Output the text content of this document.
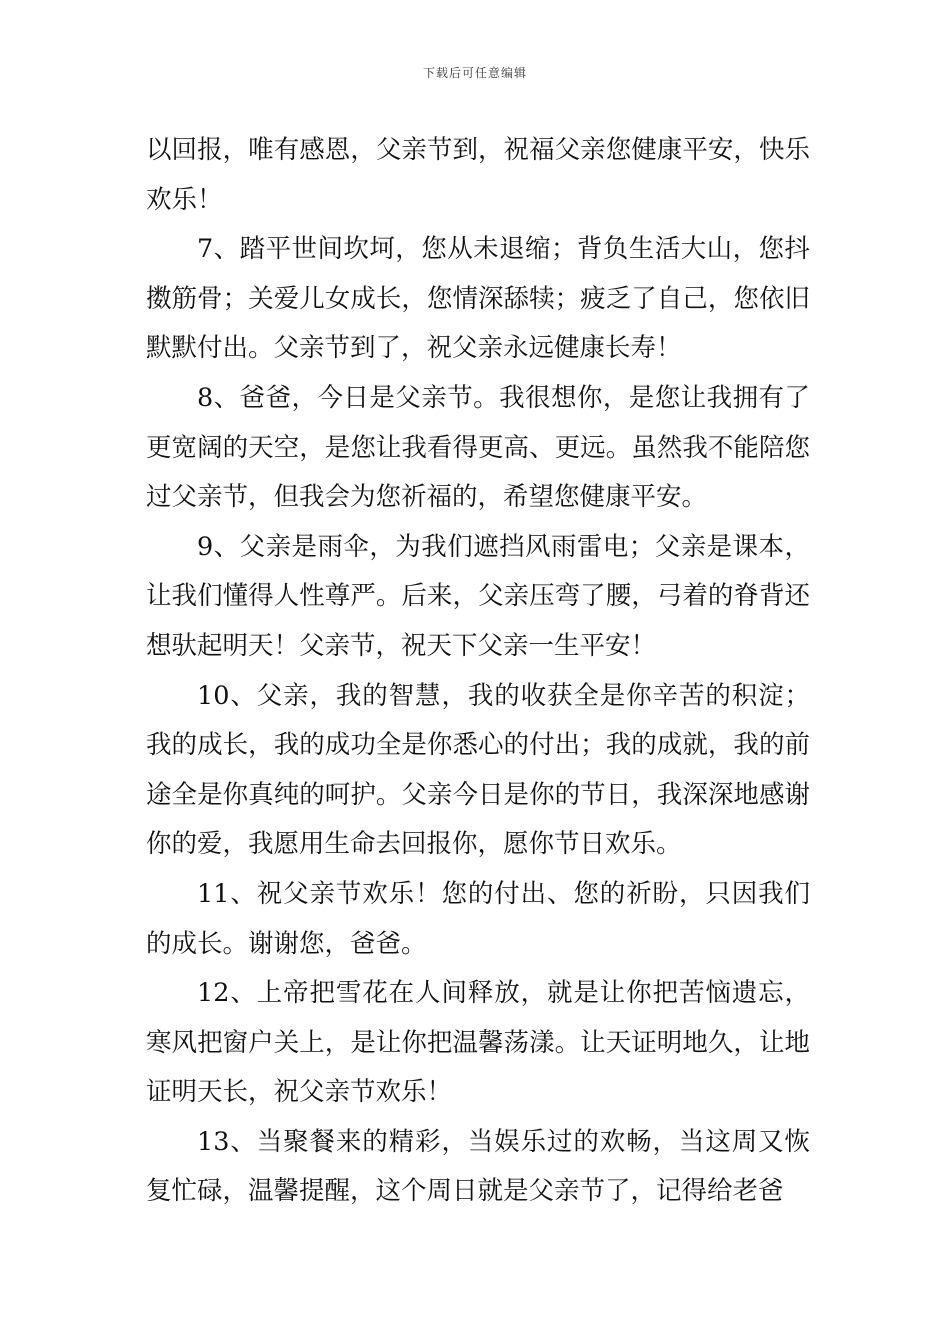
下载后可任意编辑

以回报，唯有感恩，父亲节到，祝福父亲您健康平安，快乐欢乐！

7、踏平世间坎坷，您从未退缩；背负生活大山，您抖擞筋骨；关爱儿女成长，您情深舔犊；疲乏了自己，您依旧默默付出。父亲节到了，祝父亲永远健康长寿！

8、爸爸，今日是父亲节。我很想你，是您让我拥有了更宽阔的天空，是您让我看得更高、更远。虽然我不能陪您过父亲节，但我会为您祈福的，希望您健康平安。

9、父亲是雨伞，为我们遮挡风雨雷电；父亲是课本，让我们懂得人性尊严。后来，父亲压弯了腰，弓着的脊背还想驮起明天！父亲节，祝天下父亲一生平安！

10、父亲，我的智慧，我的收获全是你辛苦的积淀；我的成长，我的成功全是你悉心的付出；我的成就，我的前途全是你真纯的呵护。父亲今日是你的节日，我深深地感谢你的爱，我愿用生命去回报你，愿你节日欢乐。

11、祝父亲节欢乐！您的付出、您的祈盼，只因我们的成长。谢谢您，爸爸。

12、上帝把雪花在人间释放，就是让你把苦恼遗忘，寒风把窗户关上，是让你把温馨荡漾。让天证明地久，让地证明天长，祝父亲节欢乐！

13、当聚餐来的精彩，当娱乐过的欢畅，当这周又恢复忙碌，温馨提醒，这个周日就是父亲节了，记得给老爸
